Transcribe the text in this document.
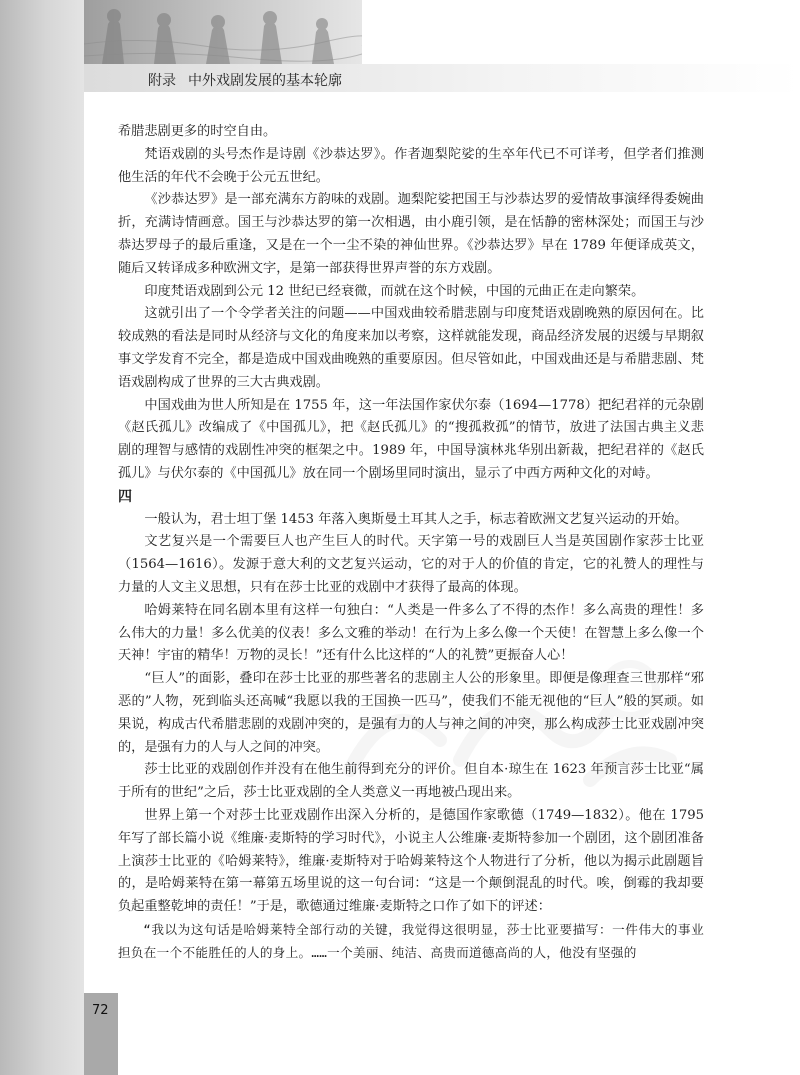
附录 中外戏剧发展的基本轮廓

希腊悲剧更多的时空自由。

梵语戏剧的头号杰作是诗剧《沙恭达罗》。作者迦梨陀娑的生卒年代已不可详考，但学者们推测他生活的年代不会晚于公元五世纪。

《沙恭达罗》是一部充满东方韵味的戏剧。迦梨陀娑把国王与沙恭达罗的爱情故事演绎得委婉曲折，充满诗情画意。国王与沙恭达罗的第一次相遇，由小鹿引领，是在恬静的密林深处；而国王与沙恭达罗母子的最后重逢，又是在一个一尘不染的神仙世界。《沙恭达罗》早在 1789 年便译成英文，随后又转译成多种欧洲文字，是第一部获得世界声誉的东方戏剧。

印度梵语戏剧到公元 12 世纪已经衰微，而就在这个时候，中国的元曲正在走向繁荣。

这就引出了一个令学者关注的问题——中国戏曲较希腊悲剧与印度梵语戏剧晚熟的原因何在。比较成熟的看法是同时从经济与文化的角度来加以考察，这样就能发现，商品经济发展的迟缓与早期叙事文学发育不完全，都是造成中国戏曲晚熟的重要原因。但尽管如此，中国戏曲还是与希腊悲剧、梵语戏剧构成了世界的三大古典戏剧。

中国戏曲为世人所知是在 1755 年，这一年法国作家伏尔泰（1694—1778）把纪君祥的元杂剧《赵氏孤儿》改编成了《中国孤儿》，把《赵氏孤儿》的“搜孤救孤”的情节，放进了法国古典主义悲剧的理智与感情的戏剧性冲突的框架之中。1989 年，中国导演林兆华别出新裁，把纪君祥的《赵氏孤儿》与伏尔泰的《中国孤儿》放在同一个剧场里同时演出，显示了中西方两种文化的对峙。

四

一般认为，君士坦丁堡 1453 年落入奥斯曼土耳其人之手，标志着欧洲文艺复兴运动的开始。

文艺复兴是一个需要巨人也产生巨人的时代。天字第一号的戏剧巨人当是英国剧作家莎士比亚（1564—1616）。发源于意大利的文艺复兴运动，它的对于人的价值的肯定，它的礼赞人的理性与力量的人文主义思想，只有在莎士比亚的戏剧中才获得了最高的体现。

哈姆莱特在同名剧本里有这样一句独白：“人类是一件多么了不得的杰作！多么高贵的理性！多么伟大的力量！多么优美的仪表！多么文雅的举动！在行为上多么像一个天使！在智慧上多么像一个天神！宇宙的精华！万物的灵长！”还有什么比这样的“人的礼赞”更振奋人心！

“巨人”的面影，叠印在莎士比亚的那些著名的悲剧主人公的形象里。即便是像理查三世那样“邪恶的”人物，死到临头还高喊“我愿以我的王国换一匹马”，使我们不能无视他的“巨人”般的冥顽。如果说，构成古代希腊悲剧的戏剧冲突的，是强有力的人与神之间的冲突，那么构成莎士比亚戏剧冲突的，是强有力的人与人之间的冲突。

莎士比亚的戏剧创作并没有在他生前得到充分的评价。但自本·琼生在 1623 年预言莎士比亚“属于所有的世纪”之后，莎士比亚戏剧的全人类意义一再地被凸现出来。

世界上第一个对莎士比亚戏剧作出深入分析的，是德国作家歌德（1749—1832）。他在 1795 年写了部长篇小说《维廉·麦斯特的学习时代》，小说主人公维廉·麦斯特参加一个剧团，这个剧团准备上演莎士比亚的《哈姆莱特》，维廉·麦斯特对于哈姆莱特这个人物进行了分析，他以为揭示此剧题旨的，是哈姆莱特在第一幕第五场里说的这一句台词：“这是一个颠倒混乱的时代。唉，倒霉的我却要负起重整乾坤的责任！”于是，歌德通过维廉·麦斯特之口作了如下的评述：

“我以为这句话是哈姆莱特全部行动的关键，我觉得这很明显，莎士比亚要描写：一件伟大的事业担负在一个不能胜任的人的身上。……一个美丽、纯洁、高贵而道德高尚的人，他没有坚强的

72
